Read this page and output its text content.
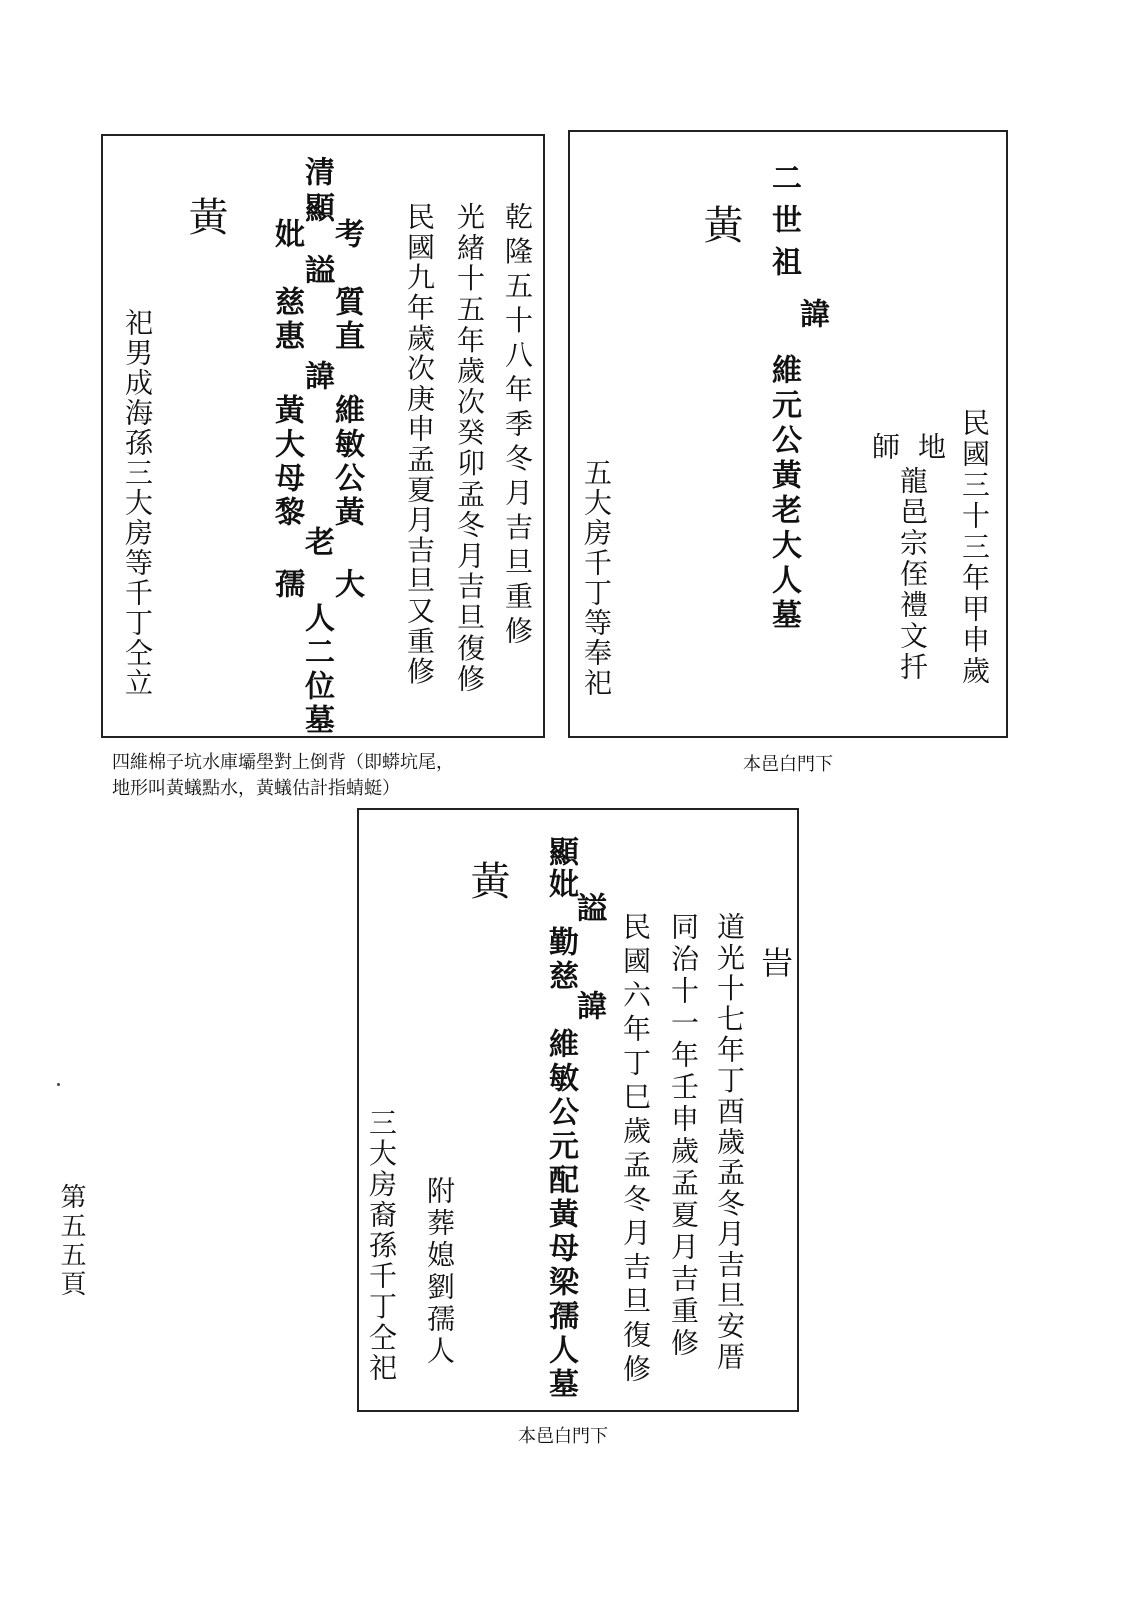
乾隆五十八年季冬月吉旦重修

光緒十五年歲次癸卯孟冬月吉旦復修

民國九年歲次庚申孟夏月吉旦又重修

清

顯

謚

諱

老

考

質直

維敏公黃

大

人二位墓

妣

慈惠

黃大母黎

孺

黃

祀男成海孫三大房等千丁仝立	民國三十三年甲申歲

地

龍邑宗侄禮文扦

師

二世祖

諱

維元公黃老大人墓

黃

五大房千丁等奉祀

旹

道光十七年丁酉歲孟冬月吉旦安厝

同治十一年壬申歲孟夏月吉重修

民國六年丁巳歲孟冬月吉旦復修

顯

妣

謚

勤慈

諱

維敏公元配黃母梁孺人墓

黃

附葬媳劉孺人

三大房裔孫千丁仝祀

四維棉子坑水庫壩壆對上倒背（即蟒坑尾，

地形叫黃蟻點水，黃蟻估計指蜻蜓）

本邑白門下

本邑白門下

第五五頁
